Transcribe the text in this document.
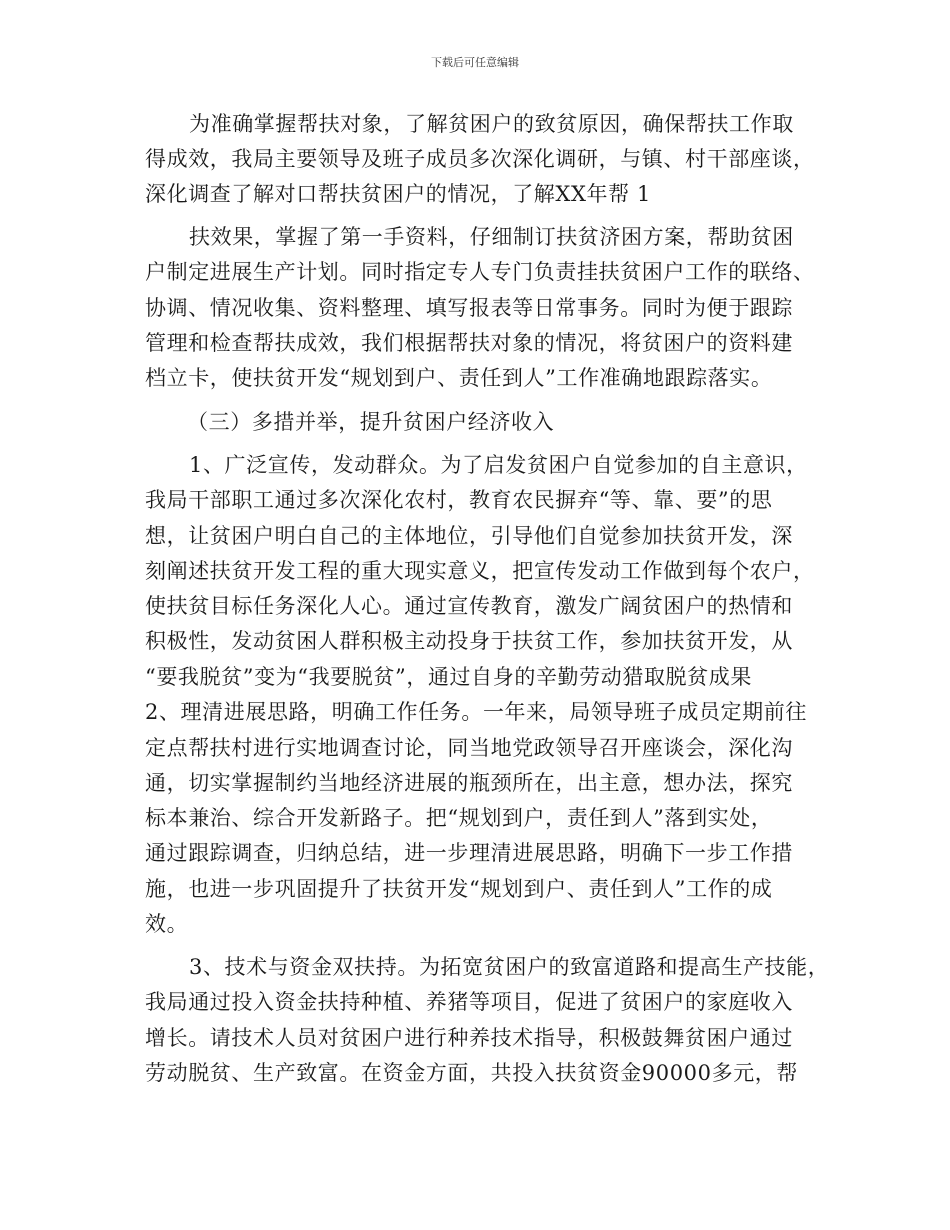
下载后可任意编辑
为准确掌握帮扶对象，了解贫困户的致贫原因，确保帮扶工作取
得成效，我局主要领导及班子成员多次深化调研，与镇、村干部座谈，
深化调查了解对口帮扶贫困户的情况，了解XX年帮 1
扶效果，掌握了第一手资料，仔细制订扶贫济困方案，帮助贫困
户制定进展生产计划。同时指定专人专门负责挂扶贫困户工作的联络、
协调、情况收集、资料整理、填写报表等日常事务。同时为便于跟踪
管理和检查帮扶成效，我们根据帮扶对象的情况，将贫困户的资料建
档立卡，使扶贫开发“规划到户、责任到人”工作准确地跟踪落实。
（三）多措并举，提升贫困户经济收入
1、广泛宣传，发动群众。为了启发贫困户自觉参加的自主意识，
我局干部职工通过多次深化农村，教育农民摒弃“等、靠、要”的思
想，让贫困户明白自己的主体地位，引导他们自觉参加扶贫开发，深
刻阐述扶贫开发工程的重大现实意义，把宣传发动工作做到每个农户，
使扶贫目标任务深化人心。通过宣传教育，激发广阔贫困户的热情和
积极性，发动贫困人群积极主动投身于扶贫工作，参加扶贫开发，从
“要我脱贫”变为“我要脱贫”，通过自身的辛勤劳动猎取脱贫成果
2、理清进展思路，明确工作任务。一年来，局领导班子成员定期前往
定点帮扶村进行实地调查讨论，同当地党政领导召开座谈会，深化沟
通，切实掌握制约当地经济进展的瓶颈所在，出主意，想办法，探究
标本兼治、综合开发新路子。把“规划到户，责任到人”落到实处，
通过跟踪调查，归纳总结，进一步理清进展思路，明确下一步工作措
施，也进一步巩固提升了扶贫开发“规划到户、责任到人”工作的成
效。
3、技术与资金双扶持。为拓宽贫困户的致富道路和提高生产技能，
我局通过投入资金扶持种植、养猪等项目，促进了贫困户的家庭收入
增长。请技术人员对贫困户进行种养技术指导，积极鼓舞贫困户通过
劳动脱贫、生产致富。在资金方面，共投入扶贫资金90000多元，帮
